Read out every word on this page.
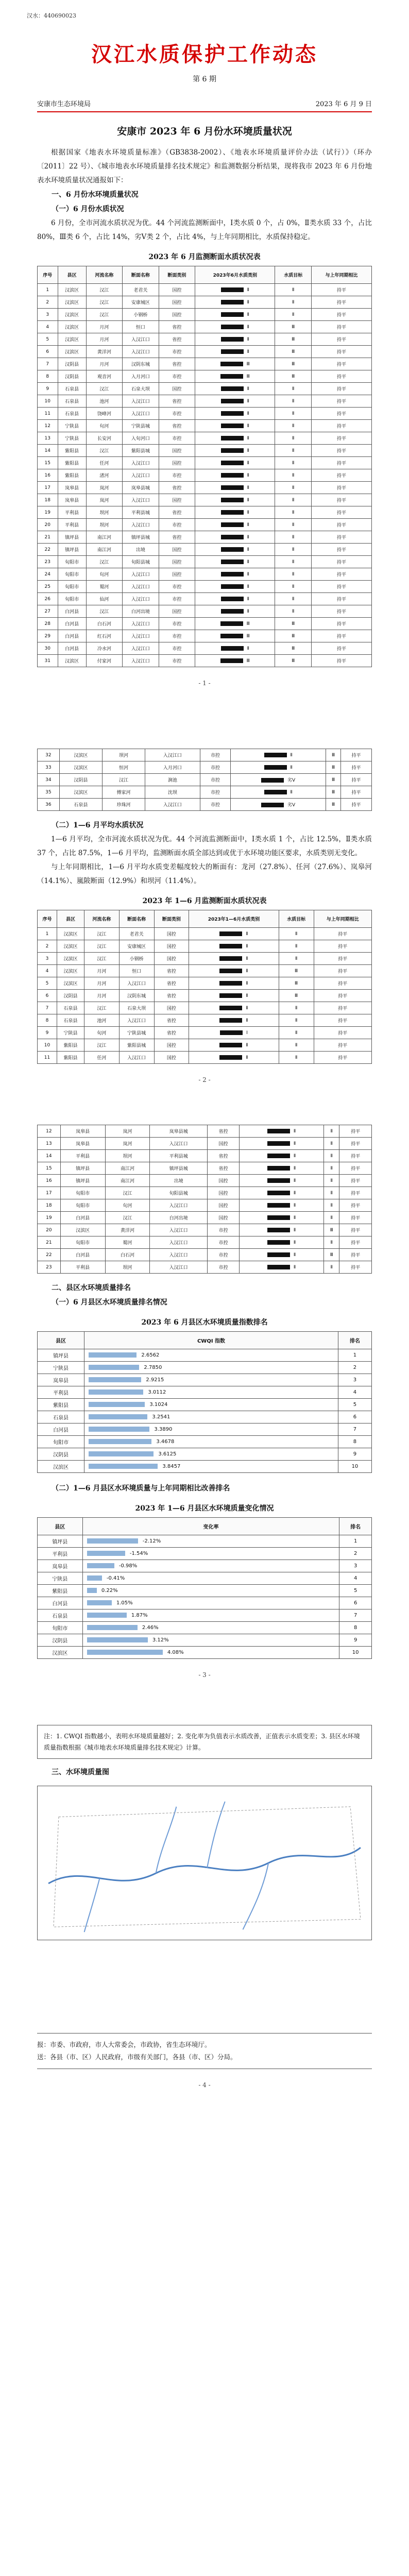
汉水：440690023
汉江水质保护工作动态
第 6 期
安康市生态环境局	2023 年 6 月 9 日
安康市 2023 年 6 月份水环境质量状况

根据国家《地表水环境质量标准》（GB3838-2002）、《地表水环境质量评价办法（试行）》（环办〔2011〕22 号）、《城市地表水环境质量排名技术规定》和监测数据分析结果，现将我市 2023 年 6 月份地表水环境质量状况通报如下：

一、6 月份水环境质量状况
（一）6 月份水质状况

6 月份，全市河流水质状况为优。44 个河流监测断面中，Ⅰ类水质 0 个，占 0%，Ⅱ类水质 33 个，占比 80%，Ⅲ类 6 个，占比 14%，劣Ⅴ类 2 个，占比 4%，与上年同期相比，水质保持稳定。

2023 年 6 月监测断面水质状况表
序号	县区	河流名称	断面名称	断面类别	2023年6月水质类别	水质目标	与上年同期相比
1	汉滨区	汉江	老君关	国控	Ⅱ	Ⅱ	持平
2	汉滨区	汉江	安康城区	国控	Ⅱ	Ⅱ	持平
3	汉滨区	汉江	小钢桥	国控	Ⅱ	Ⅱ	持平
4	汉滨区	月河	恒口	省控	Ⅱ	Ⅲ	持平
5	汉滨区	月河	入汉江口	省控	Ⅱ	Ⅲ	持平
6	汉滨区	黄洋河	入汉江口	市控	Ⅱ	Ⅲ	持平
7	汉阴县	月河	汉阴东城	省控	Ⅲ	Ⅲ	持平
8	汉阴县	观音河	入月河口	市控	Ⅲ	Ⅲ	持平
9	石泉县	汉江	石泉大坝	国控	Ⅱ	Ⅱ	持平
10	石泉县	池河	入汉江口	省控	Ⅱ	Ⅱ	持平
11	石泉县	饶峰河	入汉江口	市控	Ⅱ	Ⅱ	持平
12	宁陕县	旬河	宁陕县城	省控	Ⅱ	Ⅱ	持平
13	宁陕县	长安河	入旬河口	市控	Ⅱ	Ⅱ	持平
14	紫阳县	汉江	紫阳县城	国控	Ⅱ	Ⅱ	持平
15	紫阳县	任河	入汉江口	国控	Ⅱ	Ⅱ	持平
16	紫阳县	渚河	入汉江口	市控	Ⅱ	Ⅱ	持平
17	岚皋县	岚河	岚皋县城	省控	Ⅱ	Ⅱ	持平
18	岚皋县	岚河	入汉江口	国控	Ⅱ	Ⅱ	持平
19	平利县	坝河	平利县城	省控	Ⅱ	Ⅱ	持平
20	平利县	坝河	入汉江口	市控	Ⅱ	Ⅱ	持平
21	镇坪县	南江河	镇坪县城	省控	Ⅱ	Ⅱ	持平
22	镇坪县	南江河	出境	国控	Ⅱ	Ⅱ	持平
23	旬阳市	汉江	旬阳县城	国控	Ⅱ	Ⅱ	持平
24	旬阳市	旬河	入汉江口	国控	Ⅱ	Ⅱ	持平
25	旬阳市	蜀河	入汉江口	市控	Ⅱ	Ⅱ	持平
26	旬阳市	仙河	入汉江口	市控	Ⅱ	Ⅱ	持平
27	白河县	汉江	白河出境	国控	Ⅱ	Ⅱ	持平
28	白河县	白石河	入汉江口	市控	Ⅲ	Ⅲ	持平
29	白河县	红石河	入汉江口	市控	Ⅲ	Ⅲ	持平
30	白河县	冷水河	入汉江口	市控	Ⅱ	Ⅲ	持平
31	汉滨区	付家河	入汉江口	市控	Ⅲ	Ⅲ	持平
- 1 -
32	汉滨区	坝河	入汉江口	市控	Ⅱ	Ⅲ	持平
33	汉滨区	恒河	入月河口	市控	Ⅱ	Ⅲ	持平
34	汉阴县	汉江	涧池	市控	劣Ⅴ	Ⅲ	持平
35	汉滨区	傅家河	沈坝	市控	Ⅱ	Ⅲ	持平
36	石泉县	珍珠河	入汉江口	市控	劣Ⅴ	Ⅲ	持平
（二）1—6 月平均水质状况

1—6 月平均，全市河流水质状况为优。44 个河流监测断面中，Ⅰ类水质 1 个，占比 12.5%，Ⅱ类水质 37 个，占比 87.5%，1—6 月平均，监测断面水质全部达到或优于水环境功能区要求，水质类别无变化。

与上年同期相比，1—6 月平均水质变差幅度较大的断面有：龙河（27.8%）、任河（27.6%）、岚皋河（14.1%）、嵐陂断面（12.9%）和坝河（11.4%）。

2023 年 1—6 月监测断面水质状况表
序号	县区	河流名称	断面名称	断面类别	2023年1—6月水质类别	水质目标	与上年同期相比
1	汉滨区	汉江	老君关	国控	Ⅱ	Ⅱ	持平
2	汉滨区	汉江	安康城区	国控	Ⅱ	Ⅱ	持平
3	汉滨区	汉江	小钢桥	国控	Ⅱ	Ⅱ	持平
4	汉滨区	月河	恒口	省控	Ⅱ	Ⅲ	持平
5	汉滨区	月河	入汉江口	省控	Ⅱ	Ⅲ	持平
6	汉阴县	月河	汉阴东城	省控	Ⅱ	Ⅲ	持平
7	石泉县	汉江	石泉大坝	国控	Ⅱ	Ⅱ	持平
8	石泉县	池河	入汉江口	省控	Ⅱ	Ⅱ	持平
9	宁陕县	旬河	宁陕县城	省控	Ⅰ	Ⅱ	持平
10	紫阳县	汉江	紫阳县城	国控	Ⅱ	Ⅱ	持平
11	紫阳县	任河	入汉江口	国控	Ⅱ	Ⅱ	持平
- 2 -
12	岚皋县	岚河	岚皋县城	省控	Ⅱ	Ⅱ	持平
13	岚皋县	岚河	入汉江口	国控	Ⅱ	Ⅱ	持平
14	平利县	坝河	平利县城	省控	Ⅱ	Ⅱ	持平
15	镇坪县	南江河	镇坪县城	省控	Ⅱ	Ⅱ	持平
16	镇坪县	南江河	出境	国控	Ⅱ	Ⅱ	持平
17	旬阳市	汉江	旬阳县城	国控	Ⅱ	Ⅱ	持平
18	旬阳市	旬河	入汉江口	国控	Ⅱ	Ⅱ	持平
19	白河县	汉江	白河出境	国控	Ⅱ	Ⅱ	持平
20	汉滨区	黄洋河	入汉江口	市控	Ⅱ	Ⅲ	持平
21	旬阳市	蜀河	入汉江口	市控	Ⅱ	Ⅱ	持平
22	白河县	白石河	入汉江口	市控	Ⅱ	Ⅲ	持平
23	平利县	坝河	入汉江口	市控	Ⅱ	Ⅱ	持平
二、县区水环境质量排名
（一）6 月县区水环境质量排名情况
2023 年 6 月县区水环境质量指数排名
县区	CWQI 指数	排名
镇坪县	2.6562	1
宁陕县	2.7850	2
岚皋县	2.9215	3
平利县	3.0112	4
紫阳县	3.1024	5
石泉县	3.2541	6
白河县	3.3890	7
旬阳市	3.4678	8
汉阴县	3.6125	9
汉滨区	3.8457	10
（二）1—6 月县区水环境质量与上年同期相比改善排名
2023 年 1—6 月县区水环境质量变化情况
县区	变化率	排名
镇坪县	-2.12%	1
平利县	-1.54%	2
岚皋县	-0.98%	3
宁陕县	-0.41%	4
紫阳县	0.22%	5
白河县	1.05%	6
石泉县	1.87%	7
旬阳市	2.46%	8
汉阴县	3.12%	9
汉滨区	4.08%	10
- 3 -
注：1. CWQI 指数越小，表明水环境质量越好；2. 变化率为负值表示水质改善，正值表示水质变差；3. 县区水环境质量指数根据《城市地表水环境质量排名技术规定》计算。
三、水环境质量图
报：市委、市政府，市人大常委会，市政协，省生态环境厅。
送：各县（市、区）人民政府，市级有关部门，各县（市、区）分局。
- 4 -
